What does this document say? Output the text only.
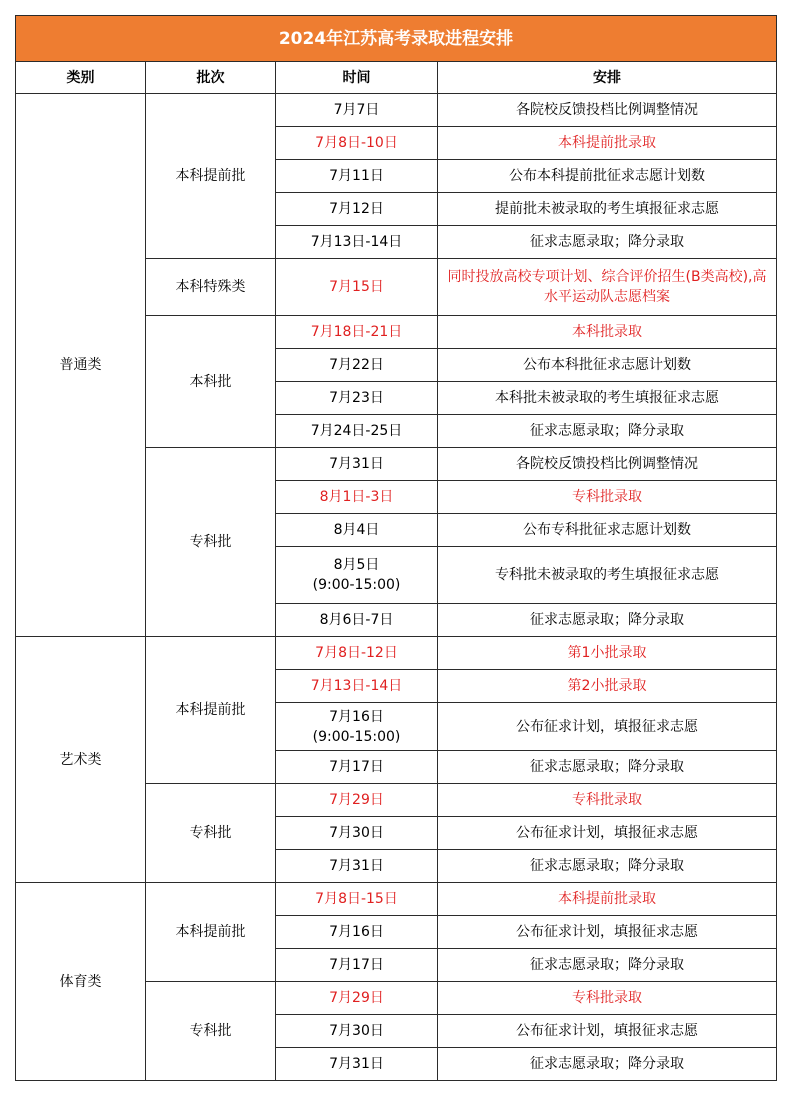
2024年江苏高考录取进程安排			
类别	批次	时间	安排
普通类	本科提前批	7月7日	各院校反馈投档比例调整情况

		7月8日-10日	本科提前批录取

		7月11日	公布本科提前批征求志愿计划数

		7月12日	提前批未被录取的考生填报征求志愿

		7月13日-14日	征求志愿录取；降分录取
	本科特殊类	7月15日	同时投放高校专项计划、综合评价招生(B类高校),高水平运动队志愿档案
	本科批	7月18日-21日	本科批录取

		7月22日	公布本科批征求志愿计划数

		7月23日	本科批未被录取的考生填报征求志愿

		7月24日-25日	征求志愿录取；降分录取
	专科批	7月31日	各院校反馈投档比例调整情况

		8月1日-3日	专科批录取

		8月4日	公布专科批征求志愿计划数

		8月5日
(9:00-15:00)	专科批未被录取的考生填报征求志愿

		8月6日-7日	征求志愿录取；降分录取
艺术类	本科提前批	7月8日-12日	第1小批录取

		7月13日-14日	第2小批录取

		7月16日
(9:00-15:00)	公布征求计划，填报征求志愿

		7月17日	征求志愿录取；降分录取
	专科批	7月29日	专科批录取

		7月30日	公布征求计划，填报征求志愿

		7月31日	征求志愿录取；降分录取
体育类	本科提前批	7月8日-15日	本科提前批录取

		7月16日	公布征求计划，填报征求志愿

		7月17日	征求志愿录取；降分录取
	专科批	7月29日	专科批录取

		7月30日	公布征求计划，填报征求志愿

		7月31日	征求志愿录取；降分录取
